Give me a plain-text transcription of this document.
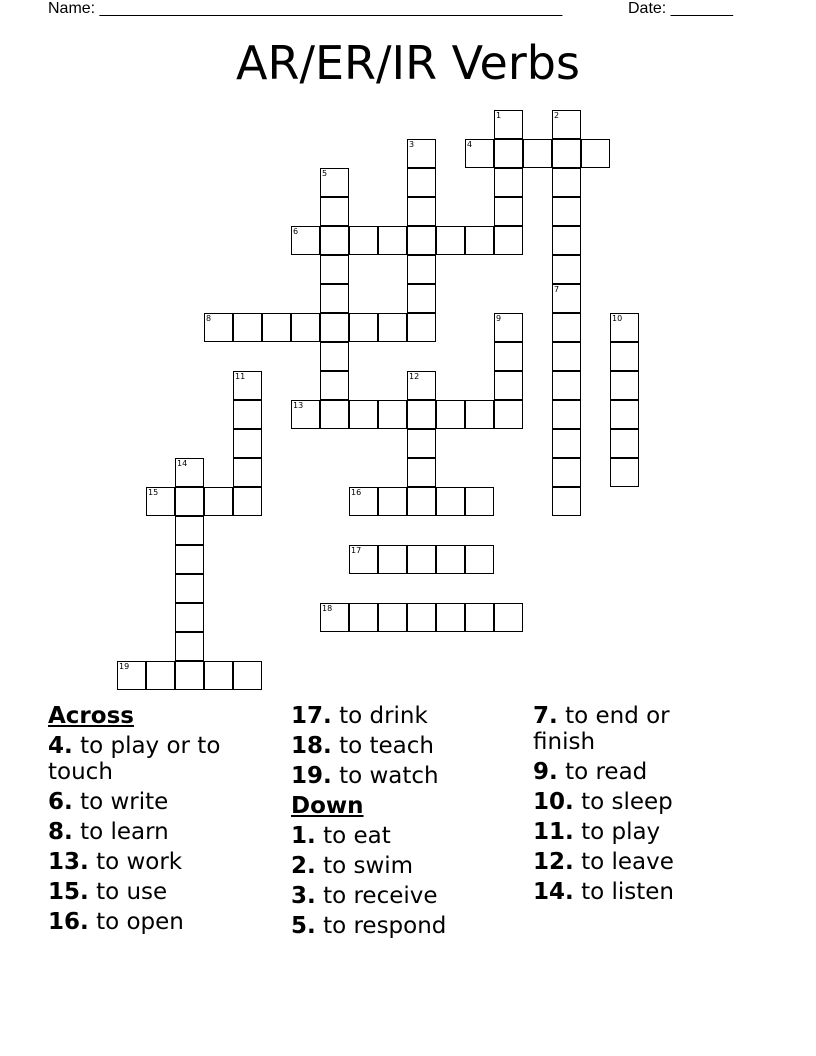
Name: ____________________________________________________	Date: _______
AR/ER/IR Verbs
4
6
8
13
15	16
17
18
19
1	2
3
5
7
9	10
11	12
14
Across
4. to play or to touch
6. to write
8. to learn
13. to work
15. to use
16. to open
17. to drink
18. to teach
19. to watch
Down
1. to eat
2. to swim
3. to receive
5. to respond
7. to end or finish
9. to read
10. to sleep
11. to play
12. to leave
14. to listen
